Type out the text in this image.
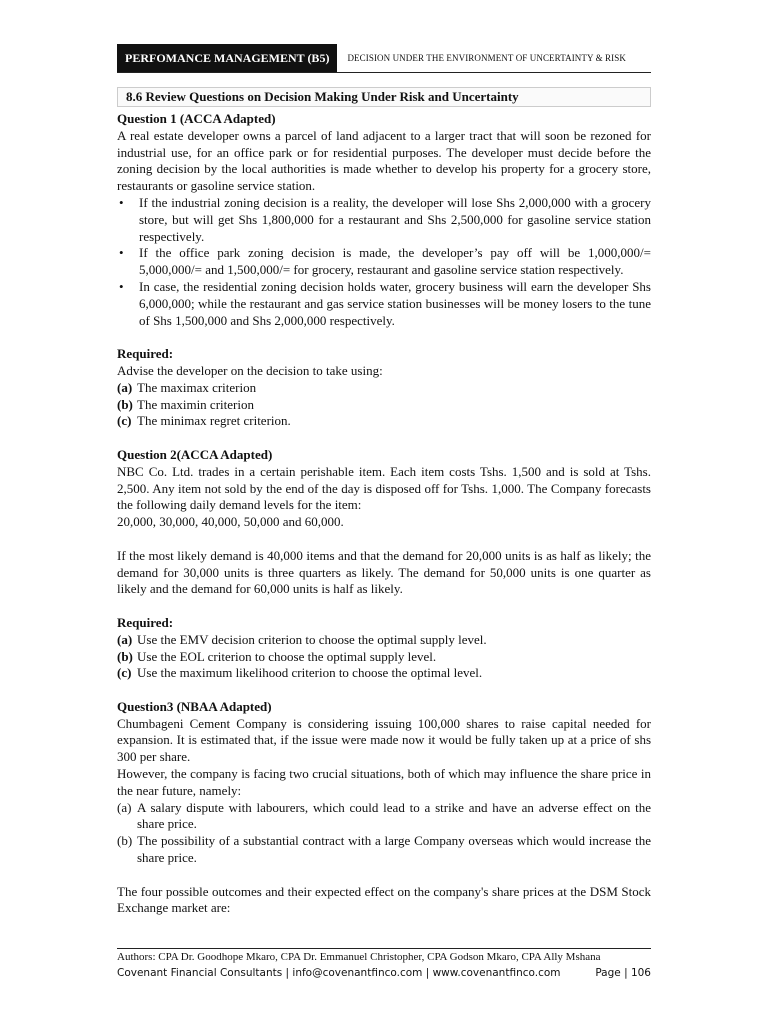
PERFOMANCE MANAGEMENT (B5)	DECISION UNDER THE ENVIRONMENT OF UNCERTAINTY & RISK
8.6 Review Questions on Decision Making Under Risk and Uncertainty

Question 1 (ACCA Adapted)

A real estate developer owns a parcel of land adjacent to a larger tract that will soon be rezoned for industrial use, for an office park or for residential purposes. The developer must decide before the zoning decision by the local authorities is made whether to develop his property for a grocery store, restaurants or gasoline service station.

• If the industrial zoning decision is a reality, the developer will lose Shs 2,000,000 with a grocery store, but will get Shs 1,800,000 for a restaurant and Shs 2,500,000 for gasoline service station respectively.
• If the office park zoning decision is made, the developer’s pay off will be 1,000,000/= 5,000,000/= and 1,500,000/= for grocery, restaurant and gasoline service station respectively.
• In case, the residential zoning decision holds water, grocery business will earn the developer Shs 6,000,000; while the restaurant and gas service station businesses will be money losers to the tune of Shs 1,500,000 and Shs 2,000,000 respectively.

Required:

Advise the developer on the decision to take using:

(a) The maximax criterion
(b) The maximin criterion
(c) The minimax regret criterion.

Question 2(ACCA Adapted)

NBC Co. Ltd. trades in a certain perishable item. Each item costs Tshs. 1,500 and is sold at Tshs. 2,500. Any item not sold by the end of the day is disposed off for Tshs. 1,000. The Company forecasts the following daily demand levels for the item:

20,000, 30,000, 40,000, 50,000 and 60,000.

If the most likely demand is 40,000 items and that the demand for 20,000 units is as half as likely; the demand for 30,000 units is three quarters as likely. The demand for 50,000 units is one quarter as likely and the demand for 60,000 units is half as likely.

Required:

(a) Use the EMV decision criterion to choose the optimal supply level.
(b) Use the EOL criterion to choose the optimal supply level.
(c) Use the maximum likelihood criterion to choose the optimal level.

Question3 (NBAA Adapted)

Chumbageni Cement Company is considering issuing 100,000 shares to raise capital needed for expansion. It is estimated that, if the issue were made now it would be fully taken up at a price of shs 300 per share.

However, the company is facing two crucial situations, both of which may influence the share price in the near future, namely:

(a) A salary dispute with labourers, which could lead to a strike and have an adverse effect on the share price.
(b) The possibility of a substantial contract with a large Company overseas which would increase the share price.

The four possible outcomes and their expected effect on the company's share prices at the DSM Stock Exchange market are:

Authors: CPA Dr. Goodhope Mkaro, CPA Dr. Emmanuel Christopher, CPA Godson Mkaro, CPA Ally Mshana
Covenant Financial Consultants | info@covenantfinco.com | www.covenantfinco.com	Page | 106
